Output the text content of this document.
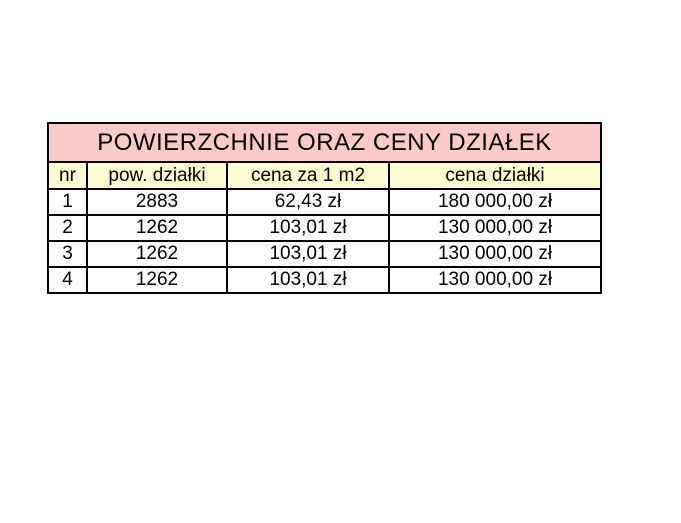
POWIERZCHNIE ORAZ CENY DZIAŁEK			
nr	pow. działki	cena za 1 m2	cena działki
1	2883	62,43 zł	180 000,00 zł
2	1262	103,01 zł	130 000,00 zł
3	1262	103,01 zł	130 000,00 zł
4	1262	103,01 zł	130 000,00 zł
